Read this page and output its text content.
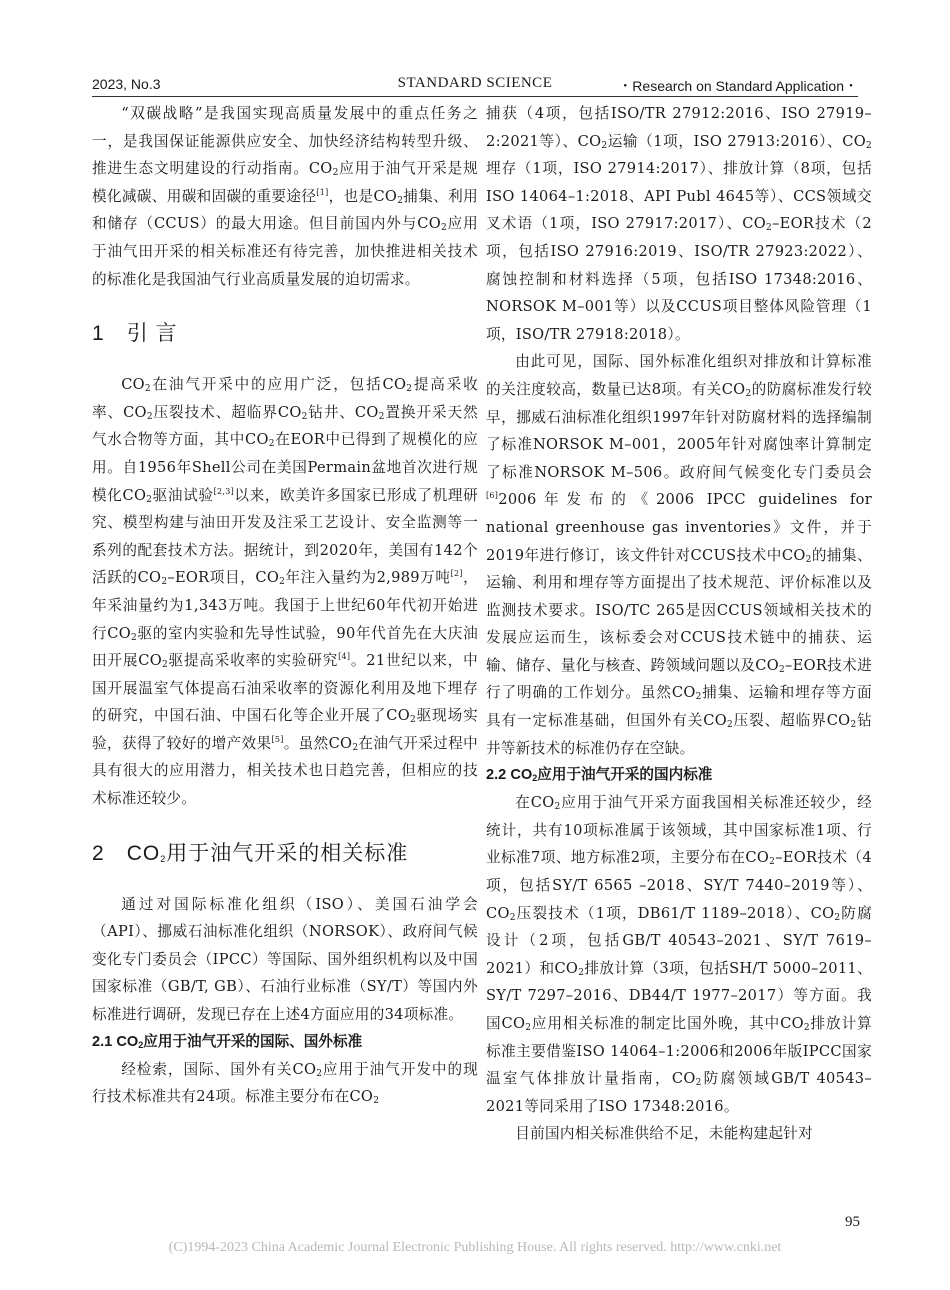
2023, No.3	STANDARD SCIENCE	・Research on Standard Application・

“双碳战略”是我国实现高质量发展中的重点任务之一，是我国保证能源供应安全、加快经济结构转型升级、推进生态文明建设的行动指南。$CO_2$应用于油气开采是规模化减碳、用碳和固碳的重要途径[1]，也是$CO_2$捕集、利用和储存（CCUS）的最大用途。但目前国内外与$CO_2$应用于油气田开采的相关标准还有待完善，加快推进相关技术的标准化是我国油气行业高质量发展的迫切需求。

1 引 言

$CO_2$在油气开采中的应用广泛，包括$CO_2$提高采收率、$CO_2$压裂技术、超临界$CO_2$钻井、$CO_2$置换开采天然气水合物等方面，其中$CO_2$在EOR中已得到了规模化的应用。自1956年Shell公司在美国Permain盆地首次进行规模化$CO_2$驱油试验[2,3]以来，欧美许多国家已形成了机理研究、模型构建与油田开发及注采工艺设计、安全监测等一系列的配套技术方法。据统计，到2020年，美国有142个活跃的$CO_2$–EOR项目，$CO_2$年注入量约为2,989万吨[2]，年采油量约为1,343万吨。我国于上世纪60年代初开始进行$CO_2$驱的室内实验和先导性试验，90年代首先在大庆油田开展$CO_2$驱提高采收率的实验研究[4]。21世纪以来，中国开展温室气体提高石油采收率的资源化利用及地下埋存的研究，中国石油、中国石化等企业开展了$CO_2$驱现场实验，获得了较好的增产效果[5]。虽然$CO_2$在油气开采过程中具有很大的应用潜力，相关技术也日趋完善，但相应的技术标准还较少。

2 $CO_2$用于油气开采的相关标准

通过对国际标准化组织（ISO）、美国石油学会（API）、挪威石油标准化组织（NORSOK）、政府间气候变化专门委员会（IPCC）等国际、国外组织机构以及中国国家标准（GB/T, GB）、石油行业标准（SY/T）等国内外标准进行调研，发现已存在上述4方面应用的34项标准。

2.1 $CO_2$应用于油气开采的国际、国外标准

经检索，国际、国外有关$CO_2$应用于油气开发中的现行技术标准共有24项。标准主要分布在$CO_2$

捕获（4项，包括ISO/TR 27912:2016、ISO 27919–2:2021等）、$CO_2$运输（1项，ISO 27913:2016）、$CO_2$埋存（1项，ISO 27914:2017）、排放计算（8项，包括ISO 14064–1:2018、API Publ 4645等）、CCS领域交叉术语（1项，ISO 27917:2017）、$CO_2$–EOR技术（2项，包括ISO 27916:2019、ISO/TR 27923:2022）、腐蚀控制和材料选择（5项，包括ISO 17348:2016、NORSOK M–001等）以及CCUS项目整体风险管理（1项，ISO/TR 27918:2018）。

由此可见，国际、国外标准化组织对排放和计算标准的关注度较高，数量已达8项。有关$CO_2$的防腐标准发行较早，挪威石油标准化组织1997年针对防腐材料的选择编制了标准NORSOK M–001，2005年针对腐蚀率计算制定了标准NORSOK M–506。政府间气候变化专门委员会[6]2006年发布的《2006 IPCC guidelines for national greenhouse gas inventories》文件，并于2019年进行修订，该文件针对CCUS技术中$CO_2$的捕集、运输、利用和埋存等方面提出了技术规范、评价标准以及监测技术要求。ISO/TC 265是因CCUS领域相关技术的发展应运而生，该标委会对CCUS技术链中的捕获、运输、储存、量化与核查、跨领域问题以及$CO_2$–EOR技术进行了明确的工作划分。虽然$CO_2$捕集、运输和埋存等方面具有一定标准基础，但国外有关$CO_2$压裂、超临界$CO_2$钻井等新技术的标准仍存在空缺。

2.2 $CO_2$应用于油气开采的国内标准

在$CO_2$应用于油气开采方面我国相关标准还较少，经统计，共有10项标准属于该领域，其中国家标准1项、行业标准7项、地方标准2项，主要分布在$CO_2$–EOR技术（4项，包括SY/T 6565 –2018、SY/T 7440–2019等）、$CO_2$压裂技术（1项，DB61/T 1189–2018）、$CO_2$防腐设计（2项，包括GB/T 40543–2021、SY/T 7619–2021）和$CO_2$排放计算（3项，包括SH/T 5000–2011、SY/T 7297–2016、DB44/T 1977–2017）等方面。我国$CO_2$应用相关标准的制定比国外晚，其中$CO_2$排放计算标准主要借鉴ISO 14064–1:2006和2006年版IPCC国家温室气体排放计量指南，$CO_2$防腐领域GB/T 40543–2021等同采用了ISO 17348:2016。

目前国内相关标准供给不足，未能构建起针对

95
(C)1994-2023 China Academic Journal Electronic Publishing House. All rights reserved. http://www.cnki.net
